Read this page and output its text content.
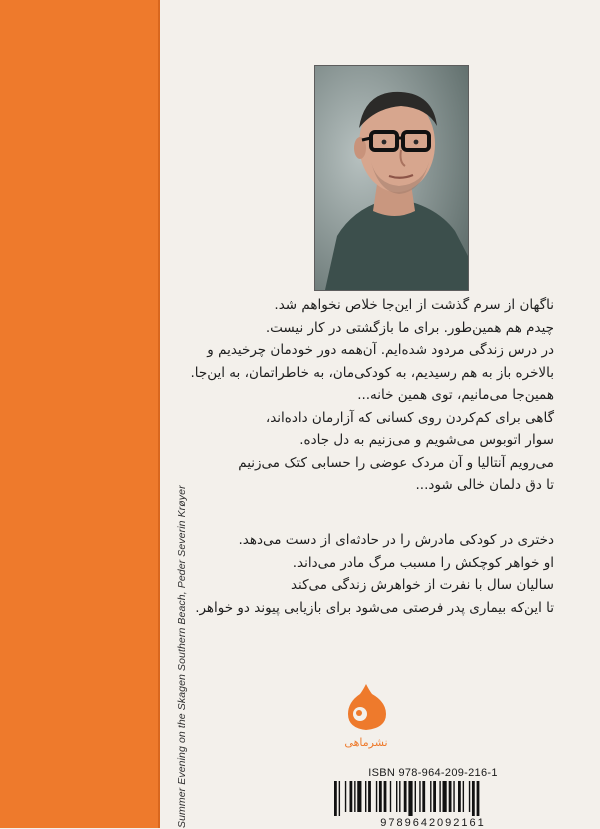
Summer Evening on the Skagen Southern Beach, Peder Severin Krøyer
ناگهان از سرم گذشت از این‌جا خلاص نخواهم شد.
چیدم هم همین‌طور. برای ما بازگشتی در کار نیست.
در درس زندگی مردود شده‌ایم. آن‌همه دور خودمان چرخیدیم و
بالاخره باز به هم رسیدیم، به کودکی‌مان، به خاطراتمان، به این‌جا.
همین‌جا می‌مانیم، توی همین خانه...
گاهی برای کم‌کردن روی کسانی که آزارمان داده‌اند،
سوار اتوبوس می‌شویم و می‌زنیم به دل جاده.
می‌رویم آنتالیا و آن مردک عوضی را حسابی کتک می‌زنیم
تا دق دلمان خالی شود...
دختری در کودکی مادرش را در حادثه‌ای از دست می‌دهد.
او خواهر کوچکش را مسبب مرگ مادر می‌داند.
سالیان سال با نفرت از خواهرش زندگی می‌کند
تا این‌که بیماری پدر فرصتی می‌شود برای بازیابی پیوند دو خواهر.
نشرماهی
ISBN 978-964-209-216-1
9789642092161
